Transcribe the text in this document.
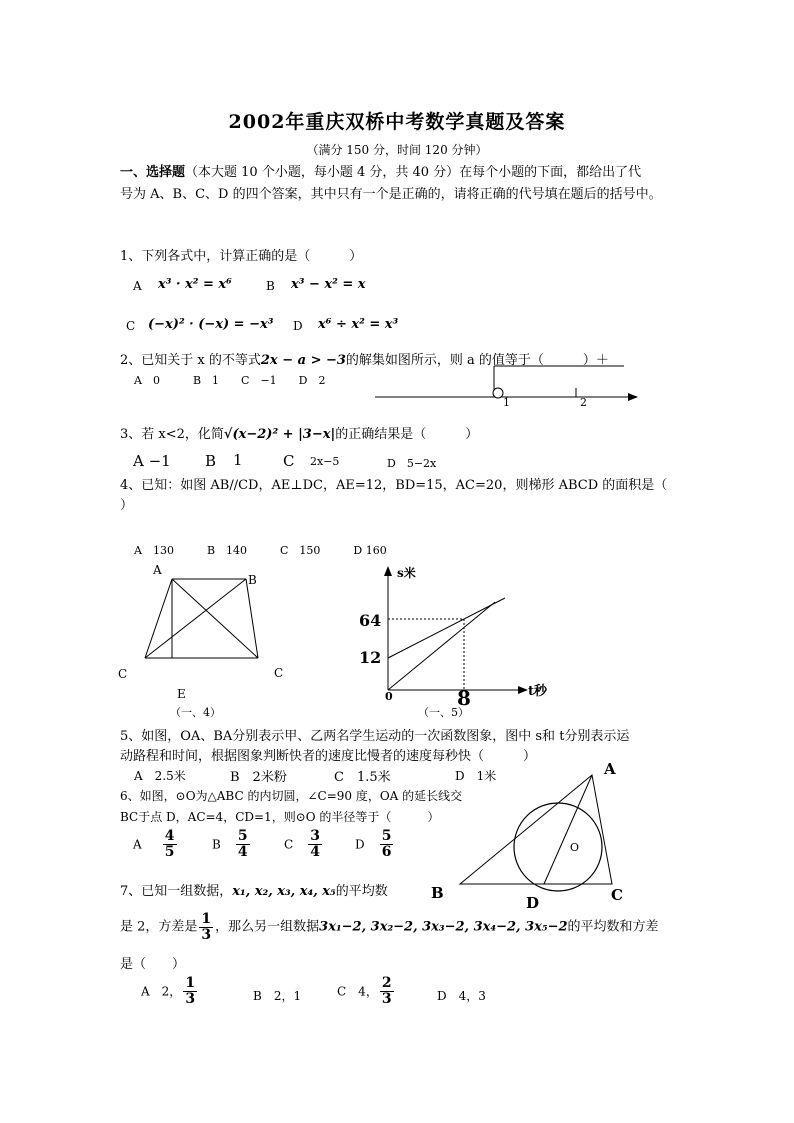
2002年重庆双桥中考数学真题及答案
（满分 150 分，时间 120 分钟）
一、选择题（本大题 10 个小题，每小题 4 分，共 40 分）在每个小题的下面，都给出了代
号为 A、B、C、D 的四个答案，其中只有一个是正确的，请将正确的代号填在题后的括号中。
1、下列各式中，计算正确的是（　　　）
A x³ · x² = x⁶	B x³ − x² = x
C (−x)² · (−x) = −x³ D x⁶ ÷ x² = x³
2、已知关于 x 的不等式2x − a > −3的解集如图所示，则 a 的值等于（　　　）＋
A　0　　　B　1　　C　−1　　D　2
1	2
3、若 x<2，化简√(x−2)² + |3−x|的正确结果是（　　　）
A −1 B 1	C 2x−5	D　5−2x
4、已知：如图 AB//CD，AE⊥DC，AE=12，BD=15，AC=20，则梯形 ABCD 的面积是（
）
A　130　　　B　140　　　C　150　　　D 160
A
B
C	C
E
（一、4）
s米
64
12
0	8	t秒
（一、5）
5、如图，OA、BA分别表示甲、乙两名学生运动的一次函数图象，图中 s和 t分别表示运
动路程和时间，根据图象判断快者的速度比慢者的速度每秒快（　　　）
A　2.5米	B　2米粉	C　1.5米	D　1米
6、如图，⊙O为△ABC 的内切圆，∠C=90 度，OA 的延长线交
BC于点 D，AC=4，CD=1，则⊙O 的半径等于（　　　）
A $\frac{4}{5}$	B $\frac{5}{4}$	C $\frac{3}{4}$	D $\frac{5}{6}$
A
B	C
D
O
7、已知一组数据，x₁, x₂, x₃, x₄, x₅的平均数
是 2，方差是 $\frac{1}{3}$ ，那么另一组数据3x₁−2, 3x₂−2, 3x₃−2, 3x₄−2, 3x₅−2的平均数和方差
是（　　）
A　2， $\frac{1}{3}$	B　2，1	C　4， $\frac{2}{3}$	D　4，3
